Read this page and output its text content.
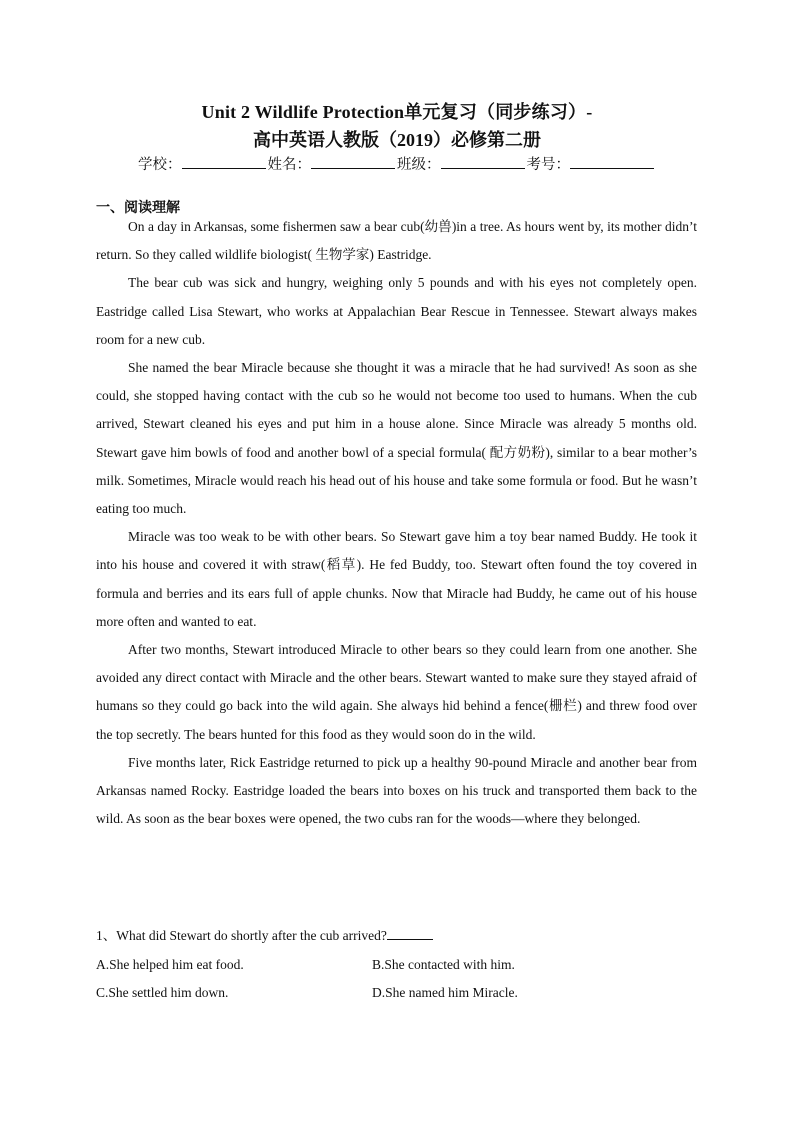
Unit 2 Wildlife Protection单元复习（同步练习）-
高中英语人教版（2019）必修第二册
学校：	姓名：	班级：	考号：
一、阅读理解

On a day in Arkansas, some fishermen saw a bear cub(幼兽)in a tree. As hours went by, its mother didn’t return. So they called wildlife biologist( 生物学家) Eastridge.

The bear cub was sick and hungry, weighing only 5 pounds and with his eyes not completely open. Eastridge called Lisa Stewart, who works at Appalachian Bear Rescue in Tennessee. Stewart always makes room for a new cub.

She named the bear Miracle because she thought it was a miracle that he had survived! As soon as she could, she stopped having contact with the cub so he would not become too used to humans. When the cub arrived, Stewart cleaned his eyes and put him in a house alone. Since Miracle was already 5 months old. Stewart gave him bowls of food and another bowl of a special formula( 配方奶粉), similar to a bear mother’s milk. Sometimes, Miracle would reach his head out of his house and take some formula or food. But he wasn’t eating too much.

Miracle was too weak to be with other bears. So Stewart gave him a toy bear named Buddy. He took it into his house and covered it with straw(稻草). He fed Buddy, too. Stewart often found the toy covered in formula and berries and its ears full of apple chunks. Now that Miracle had Buddy, he came out of his house more often and wanted to eat.

After two months, Stewart introduced Miracle to other bears so they could learn from one another. She avoided any direct contact with Miracle and the other bears. Stewart wanted to make sure they stayed afraid of humans so they could go back into the wild again. She always hid behind a fence(栅栏) and threw food over the top secretly. The bears hunted for this food as they would soon do in the wild.

Five months later, Rick Eastridge returned to pick up a healthy 90-pound Miracle and another bear from Arkansas named Rocky. Eastridge loaded the bears into boxes on his truck and transported them back to the wild. As soon as the bear boxes were opened, the two cubs ran for the woods—where they belonged.

1、What did Stewart do shortly after the cub arrived?
A.She helped him eat food.	B.She contacted with him.
C.She settled him down.	D.She named him Miracle.
